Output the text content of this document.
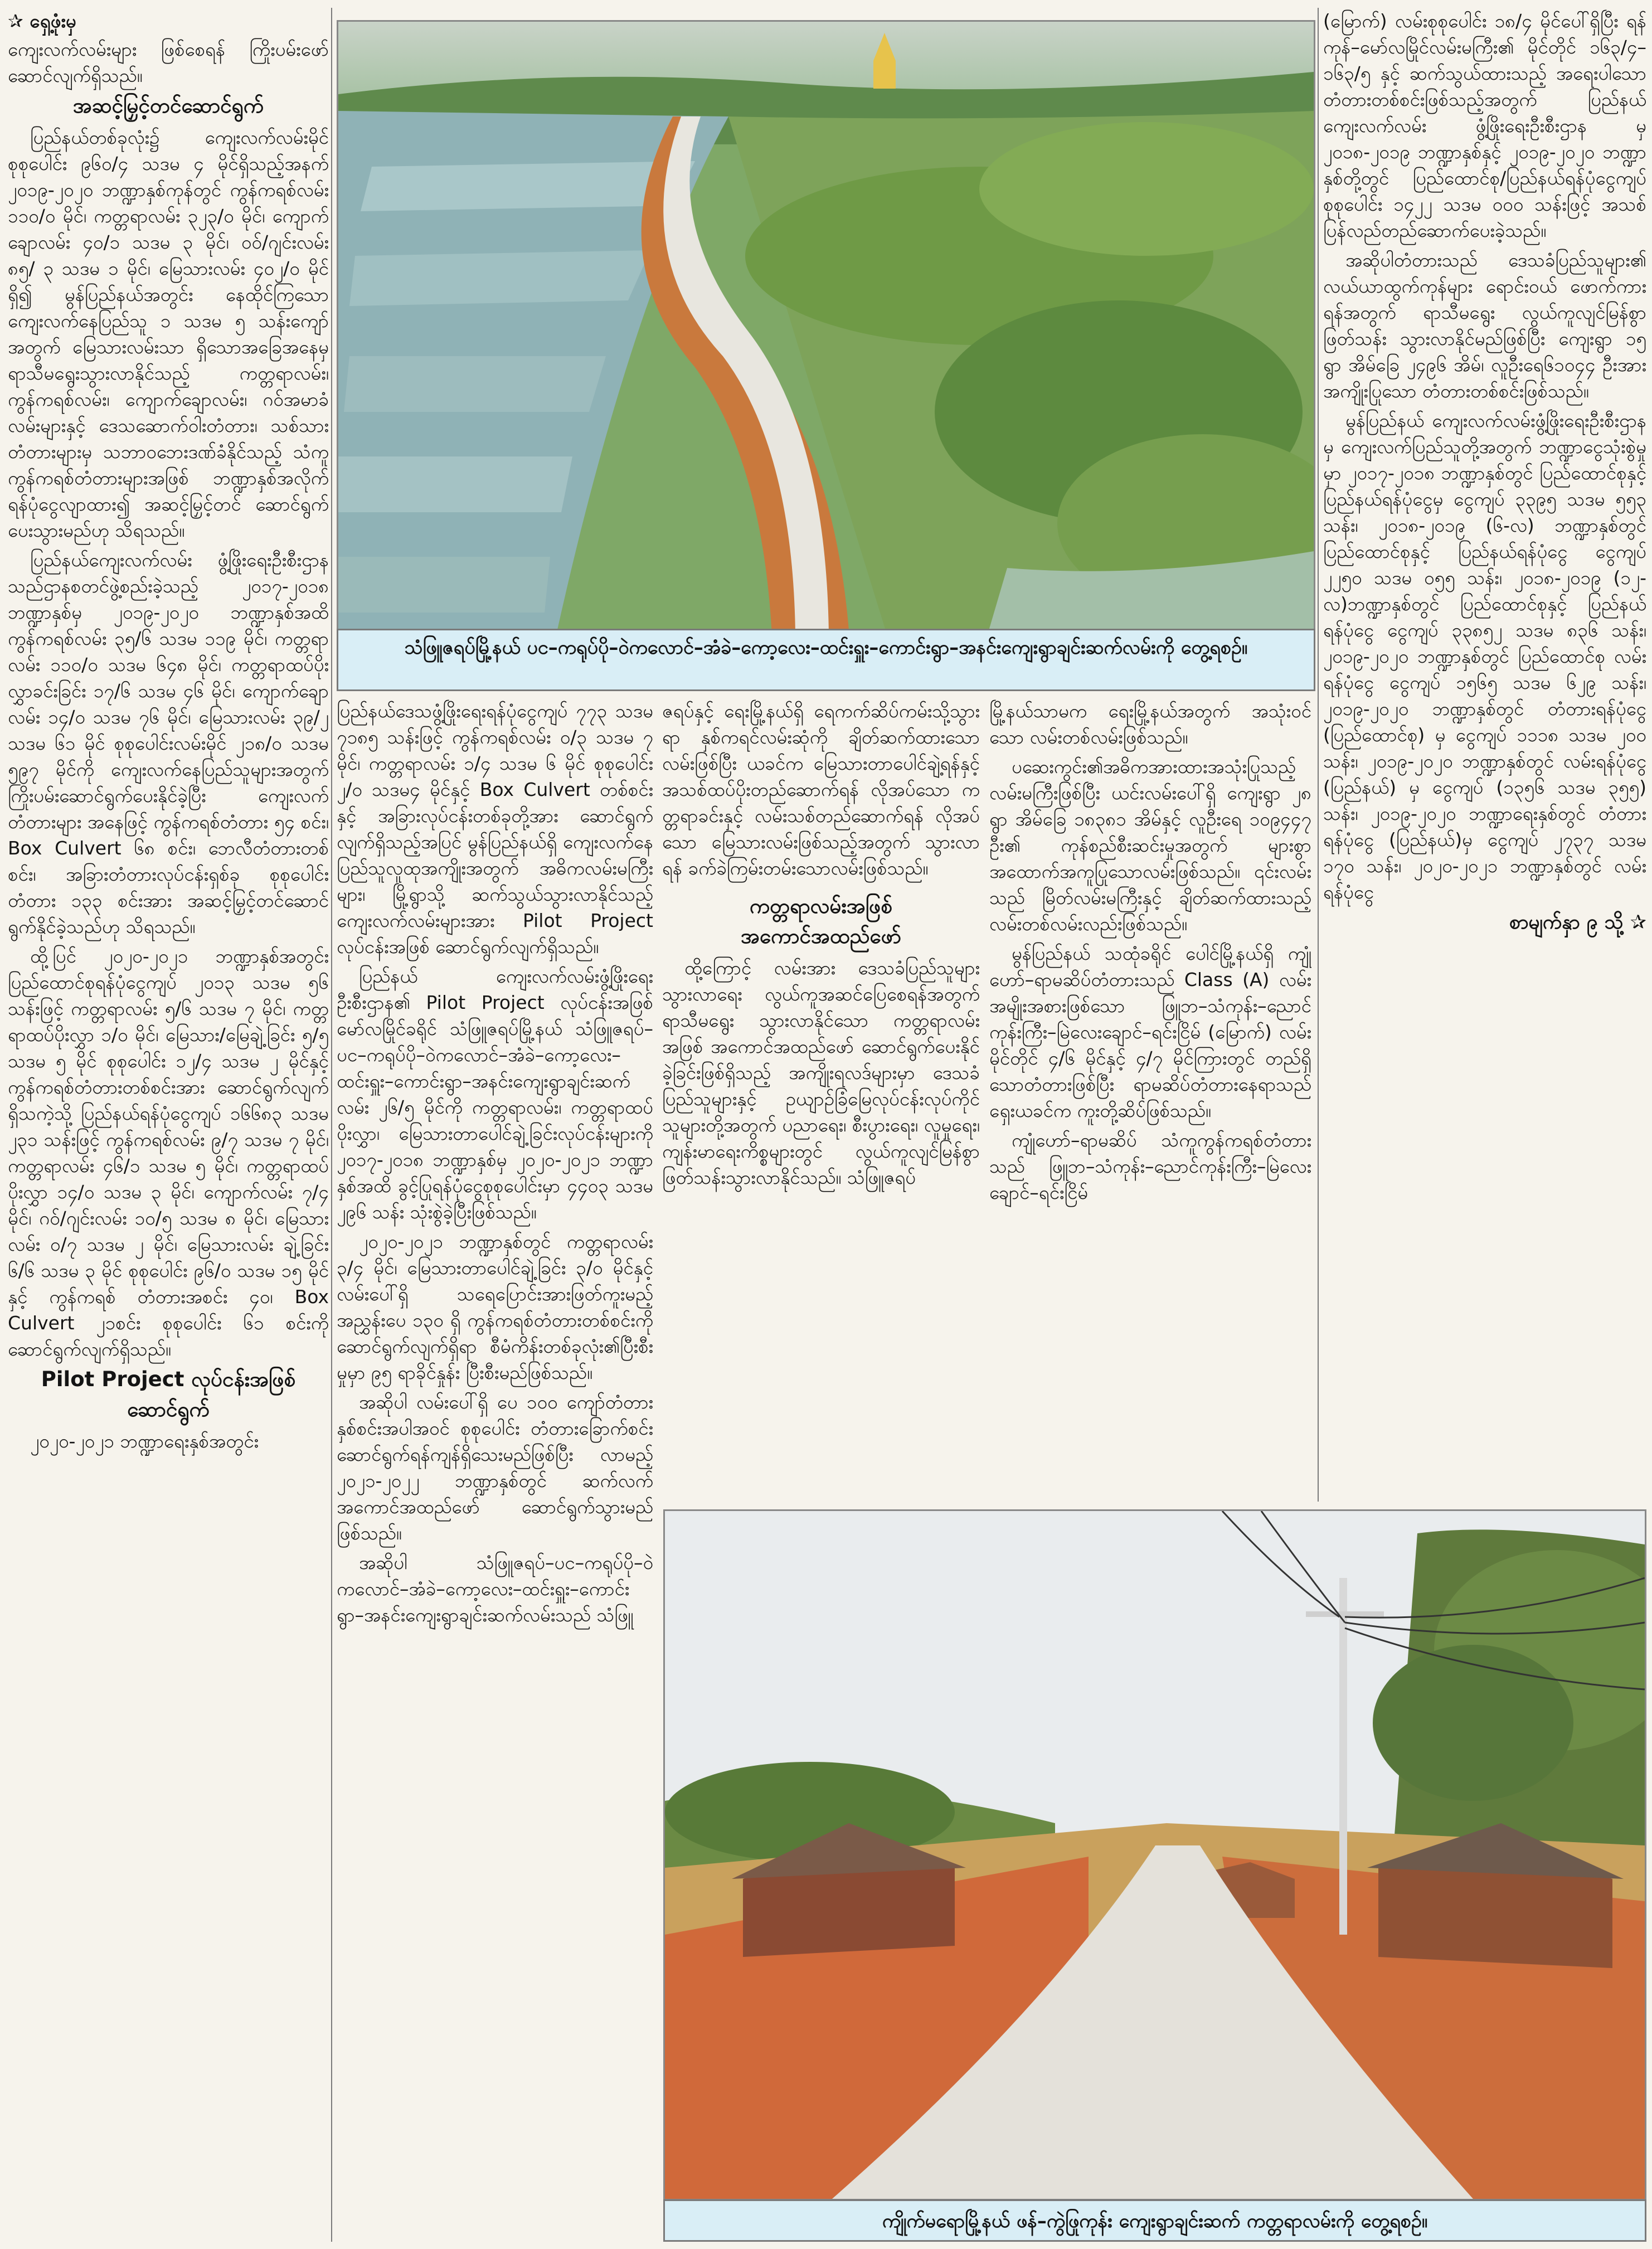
✰ ရှေ့ဖုံးမှ

ကျေးလက်လမ်းများ ဖြစ်စေရန် ကြိုးပမ်းဖော်ဆောင်လျက်ရှိသည်။

အဆင့်မြှင့်တင်ဆောင်ရွက်

ပြည်နယ်တစ်ခုလုံး၌ ကျေးလက်လမ်းမိုင်စုစုပေါင်း ၉၆၀/၄ သဒမ ၄ မိုင်ရှိသည့်အနက် ၂၀၁၉-၂၀၂၀ ဘဏ္ဍာနှစ်ကုန်တွင် ကွန်ကရစ်လမ်း ၁၁၀/၀ မိုင်၊ ကတ္တရာလမ်း ၃၂၃/၀ မိုင်၊ ကျောက်ချောလမ်း ၄၀/၁ သဒမ ၃ မိုင်၊ ဝဝ်/ဂျင်းလမ်း ၈၅/ ၃ သဒမ ၁ မိုင်၊ မြေသားလမ်း ၄၀၂/၀ မိုင်ရှိ၍ မွန်ပြည်နယ်အတွင်း နေထိုင်ကြသော ကျေးလက်နေပြည်သူ ၁ သဒမ ၅ သန်းကျော်အတွက် မြေသားလမ်းသာ ရှိသောအခြေအနေမှ ရာသီမရွေးသွားလာနိုင်သည့် ကတ္တရာလမ်း၊ ကွန်ကရစ်လမ်း၊ ကျောက်ချောလမ်း၊ ဂဝ်အမာခံလမ်းများနှင့် ဒေသဆောက်ဝါးတံတား၊ သစ်သားတံတားများမှ သဘာဝဘေးဒဏ်ခံနိုင်သည့် သံကူကွန်ကရစ်တံတားများအဖြစ် ဘဏ္ဍာနှစ်အလိုက် ရန်ပုံငွေလျာထား၍ အဆင့်မြှင့်တင် ဆောင်ရွက်ပေးသွားမည်ဟု သိရသည်။

ပြည်နယ်ကျေးလက်လမ်း ဖွံ့ဖြိုးရေးဦးစီးဌာနသည်ဌာနစတင်ဖွဲ့စည်းခဲ့သည့် ၂၀၁၇-၂၀၁၈ ဘဏ္ဍာနှစ်မှ ၂၀၁၉-၂၀၂၀ ဘဏ္ဍာနှစ်အထိ ကွန်ကရစ်လမ်း ၃၅/၆ သဒမ ၁၁၉ မိုင်၊ ကတ္တရာလမ်း ၁၁၀/၀ သဒမ ၆၄၈ မိုင်၊ ကတ္တရာထပ်ပိုးလွှာခင်းခြင်း ၁၇/၆ သဒမ ၄၆ မိုင်၊ ကျောက်ချောလမ်း ၁၄/၀ သဒမ ၇၆ မိုင်၊ မြေသားလမ်း ၃၉/၂ သဒမ ၆၁ မိုင် စုစုပေါင်းလမ်းမိုင် ၂၁၈/၀ သဒမ ၅၉၇ မိုင်ကို ကျေးလက်နေပြည်သူများအတွက် ကြိုးပမ်းဆောင်ရွက်ပေးနိုင်ခဲ့ပြီး ကျေးလက်တံတားများ အနေဖြင့် ကွန်ကရစ်တံတား ၅၄ စင်း၊ Box Culvert ၆၈ စင်း၊ ဘေလီတံတားတစ်စင်း၊ အခြားတံတားလုပ်ငန်းရှစ်ခု စုစုပေါင်း တံတား ၁၃၃ စင်းအား အဆင့်မြှင့်တင်ဆောင်ရွက်နိုင်ခဲ့သည်ဟု သိရသည်။

ထို့ပြင် ၂၀၂၀-၂၀၂၁ ဘဏ္ဍာနှစ်အတွင်း ပြည်ထောင်စုရန်ပုံငွေကျပ် ၂၀၁၃ သဒမ ၅၆ သန်းဖြင့် ကတ္တရာလမ်း ၅/၆ သဒမ ၇ မိုင်၊ ကတ္တရာထပ်ပိုးလွှာ ၁/၀ မိုင်၊ မြေသား/မြေချဲ့ခြင်း ၅/၅ သဒမ ၅ မိုင် စုစုပေါင်း ၁၂/၄ သဒမ ၂ မိုင်နှင့် ကွန်ကရစ်တံတားတစ်စင်းအား ဆောင်ရွက်လျက် ရှိသကဲ့သို့ ပြည်နယ်ရန်ပုံငွေကျပ် ၁၆၆၈၃ သဒမ ၂၃၁ သန်းဖြင့် ကွန်ကရစ်လမ်း ၉/၇ သဒမ ၇ မိုင်၊ ကတ္တရာလမ်း ၄၆/၁ သဒမ ၅ မိုင်၊ ကတ္တရာထပ်ပိုးလွှာ ၁၄/၀ သဒမ ၃ မိုင်၊ ကျောက်လမ်း ၇/၄ မိုင်၊ ဂဝ်/ဂျင်းလမ်း ၁၀/၅ သဒမ ၈ မိုင်၊ မြေသား လမ်း ၀/၇ သဒမ ၂ မိုင်၊ မြေသားလမ်း ချဲ့ခြင်း ၆/၆ သဒမ ၃ မိုင် စုစုပေါင်း ၉၆/၀ သဒမ ၁၅ မိုင်နှင့် ကွန်ကရစ် တံတားအစင်း ၄၀၊ Box Culvert ၂၁စင်း စုစုပေါင်း ၆၁ စင်းကို ဆောင်ရွက်လျက်ရှိသည်။

Pilot Project လုပ်ငန်းအဖြစ်
ဆောင်ရွက်

၂၀၂၀-၂၀၂၁ ဘဏ္ဍာရေးနှစ်အတွင်း

သံဖြူဇရပ်မြို့နယ် ပင–ကရုပ်ပို–ဝဲကလောင်–အံခဲ–ကော့လေး–ထင်းရှူး–ကောင်းရွာ–အနင်းကျေးရွာချင်းဆက်လမ်းကို တွေ့ရစဉ်။

ပြည်နယ်ဒေသဖွံ့ဖြိုးရေးရန်ပုံငွေကျပ် ၇၇၃ သဒမ ၇၁၈၅ သန်းဖြင့် ကွန်ကရစ်လမ်း ၀/၃ သဒမ ၇ မိုင်၊ ကတ္တရာလမ်း ၁/၄ သဒမ ၆ မိုင် စုစုပေါင်း ၂/၀ သဒမ၄ မိုင်နှင့် Box Culvert တစ်စင်းနှင့် အခြားလုပ်ငန်းတစ်ခုတို့အား ဆောင်ရွက်လျက်ရှိသည့်အပြင် မွန်ပြည်နယ်ရှိ ကျေးလက်နေပြည်သူလူထုအကျိုးအတွက် အဓိကလမ်းမကြီးများ၊ မြို့ရွာသို့ ဆက်သွယ်သွားလာနိုင်သည့် ကျေးလက်လမ်းများအား Pilot Project လုပ်ငန်းအဖြစ် ဆောင်ရွက်လျက်ရှိသည်။

ပြည်နယ် ကျေးလက်လမ်းဖွံ့ဖြိုးရေးဦးစီးဌာန၏ Pilot Project လုပ်ငန်းအဖြစ် မော်လမြိုင်ခရိုင် သံဖြူဇရပ်မြို့နယ် သံဖြူဇရပ်–ပင–ကရုပ်ပို–ဝဲကလောင်–အံခဲ–ကော့လေး–ထင်းရှူး–ကောင်းရွာ–အနင်းကျေးရွာချင်းဆက်လမ်း ၂၆/၅ မိုင်ကို ကတ္တရာလမ်း၊ ကတ္တရာထပ်ပိုးလွှာ၊ မြေသားတာပေါင်ချဲ့ခြင်းလုပ်ငန်းများကို ၂၀၁၇-၂၀၁၈ ဘဏ္ဍာနှစ်မှ ၂၀၂၀-၂၀၂၁ ဘဏ္ဍာနှစ်အထိ ခွင့်ပြုရန်ပုံငွေစုစုပေါင်းမှာ ၄၄၀၃ သဒမ ၂၉၆ သန်း သုံးစွဲခဲ့ပြီးဖြစ်သည်။

၂၀၂၀-၂၀၂၁ ဘဏ္ဍာနှစ်တွင် ကတ္တရာလမ်း ၃/၄ မိုင်၊ မြေသားတာပေါင်ချဲ့ခြင်း ၃/၀ မိုင်နှင့် လမ်းပေါ်ရှိ သရေပြောင်းအားဖြတ်ကူးမည့် အညွှန်းပေ ၁၃၀ ရှိ ကွန်ကရစ်တံတားတစ်စင်းကို ဆောင်ရွက်လျက်ရှိရာ စီမံကိန်းတစ်ခုလုံး၏ပြီးစီးမှုမှာ ၉၅ ရာခိုင်နှုန်း ပြီးစီးမည်ဖြစ်သည်။

အဆိုပါ လမ်းပေါ်ရှိ ပေ ၁၀၀ ကျော်တံတားနှစ်စင်းအပါအဝင် စုစုပေါင်း တံတားခြောက်စင်း ဆောင်ရွက်ရန်ကျန်ရှိသေးမည်ဖြစ်ပြီး လာမည့် ၂၀၂၁-၂၀၂၂ ဘဏ္ဍာနှစ်တွင် ဆက်လက်အကောင်အထည်ဖော် ဆောင်ရွက်သွားမည်ဖြစ်သည်။

အဆိုပါ သံဖြူဇရပ်–ပင–ကရုပ်ပို–ဝဲကလောင်–အံခဲ–ကော့လေး–ထင်းရှူး–ကောင်းရွာ–အနင်းကျေးရွာချင်းဆက်လမ်းသည် သံဖြူ

ဇရပ်နှင့် ရေးမြို့နယ်ရှိ ရေကက်ဆိပ်ကမ်းသို့သွားရာ နှစ်ကရင်လမ်းဆုံကို ချိတ်ဆက်ထားသော လမ်းဖြစ်ပြီး ယခင်က မြေသားတာပေါင်ချဲ့ရန်နှင့် အသစ်ထပ်ပိုးတည်ဆောက်ရန် လိုအပ်သော ကတ္တရာခင်းနှင့် လမ်းသစ်တည်ဆောက်ရန် လိုအပ်သော မြေသားလမ်းဖြစ်သည့်အတွက် သွားလာရန် ခက်ခဲကြမ်းတမ်းသောလမ်းဖြစ်သည်။

ကတ္တရာလမ်းအဖြစ်
အကောင်အထည်ဖော်

ထို့ကြောင့် လမ်းအား ဒေသခံပြည်သူများသွားလာရေး လွယ်ကူအဆင်ပြေစေရန်အတွက် ရာသီမရွေး သွားလာနိုင်သော ကတ္တရာလမ်းအဖြစ် အကောင်အထည်ဖော် ဆောင်ရွက်ပေးနိုင်ခဲ့ခြင်းဖြစ်ရှိသည့် အကျိုးရလဒ်များမှာ ဒေသခံပြည်သူများနှင့် ဥယျာဉ်ခြံမြေလုပ်ငန်းလုပ်ကိုင်သူများတို့အတွက် ပညာရေး၊ စီးပွားရေး၊ လူမှုရေး၊ ကျန်းမာရေးကိစ္စများတွင် လွယ်ကူလျင်မြန်စွာ ဖြတ်သန်းသွားလာနိုင်သည်။ သံဖြူဇရပ်

မြို့နယ်သာမက ရေးမြို့နယ်အတွက် အသုံးဝင်သော လမ်းတစ်လမ်းဖြစ်သည်။

ပဆေးကွင်း၏အဓိကအားထားအသုံးပြုသည့် လမ်းမကြီးဖြစ်ပြီး ယင်းလမ်းပေါ်ရှိ ကျေးရွာ ၂၈ ရွာ အိမ်ခြေ ၁၈၃၈၁ အိမ်နှင့် လူဦးရေ ၁၀၉၄၄၇ ဦး၏ ကုန်စည်စီးဆင်းမှုအတွက် များစွာအထောက်အကူပြုသောလမ်းဖြစ်သည်။ ၎င်းလမ်းသည် မြိတ်လမ်းမကြီးနှင့် ချိတ်ဆက်ထားသည့် လမ်းတစ်လမ်းလည်းဖြစ်သည်။

မွန်ပြည်နယ် သထုံခရိုင် ပေါင်မြို့နယ်ရှိ ကျုံဟော်–ရာမဆိပ်တံတားသည် Class (A) လမ်းအမျိုးအစားဖြစ်သော ဖြူဘ–သံကုန်း–ညောင်ကုန်းကြီး–မြဲလေးချောင်–ရင်းငြိမ် (မြောက်) လမ်း မိုင်တိုင် ၄/၆ မိုင်နှင့် ၄/၇ မိုင်ကြားတွင် တည်ရှိသောတံတားဖြစ်ပြီး ရာမဆိပ်တံတားနေရာသည် ရှေးယခင်က ကူးတို့ဆိပ်ဖြစ်သည်။

ကျုံဟော်–ရာမဆိပ် သံကူကွန်ကရစ်တံတားသည် ဖြူဘ–သံကုန်း–ညောင်ကုန်းကြီး–မြဲလေးချောင်–ရင်းငြိမ်

(မြောက်) လမ်းစုစုပေါင်း ၁၈/၄ မိုင်ပေါ်ရှိပြီး ရန်ကုန်–မော်လမြိုင်လမ်းမကြီး၏ မိုင်တိုင် ၁၆၃/၄–၁၆၃/၅ နှင့် ဆက်သွယ်ထားသည့် အရေးပါသော တံတားတစ်စင်းဖြစ်သည့်အတွက် ပြည်နယ် ကျေးလက်လမ်း ဖွံ့ဖြိုးရေးဦးစီးဌာန မှ ၂၀၁၈-၂၀၁၉ ဘဏ္ဍာနှစ်နှင့် ၂၀၁၉-၂၀၂၀ ဘဏ္ဍာနှစ်တို့တွင် ပြည်ထောင်စု/ပြည်နယ်ရန်ပုံငွေကျပ် စုစုပေါင်း ၁၄၂၂ သဒမ ၀၀၀ သန်းဖြင့် အသစ်ပြန်လည်တည်ဆောက်ပေးခဲ့သည်။

အဆိုပါတံတားသည် ဒေသခံပြည်သူများ၏ လယ်ယာထွက်ကုန်များ ရောင်းဝယ် ဖောက်ကားရန်အတွက် ရာသီမရွေး လွယ်ကူလျင်မြန်စွာ ဖြတ်သန်း သွားလာနိုင်မည်ဖြစ်ပြီး ကျေးရွာ ၁၅ ရွာ အိမ်ခြေ ၂၄၉၆ အိမ်၊ လူဦးရေ၆၁၀၄၄ ဦးအား အကျိုးပြုသော တံတားတစ်စင်းဖြစ်သည်။

မွန်ပြည်နယ် ကျေးလက်လမ်းဖွံ့ဖြိုးရေးဦးစီးဌာနမှ ကျေးလက်ပြည်သူတို့အတွက် ဘဏ္ဍာငွေသုံးစွဲမှုမှာ ၂၀၁၇-၂၀၁၈ ဘဏ္ဍာနှစ်တွင် ပြည်ထောင်စုနှင့်ပြည်နယ်ရန်ပုံငွေမှ ငွေကျပ် ၃၃၉၅ သဒမ ၅၅၃ သန်း၊ ၂၀၁၈-၂၀၁၉ (၆-လ) ဘဏ္ဍာနှစ်တွင် ပြည်ထောင်စုနှင့် ပြည်နယ်ရန်ပုံငွေ ငွေကျပ် ၂၂၅၀ သဒမ ၀၅၅ သန်း၊ ၂၀၁၈-၂၀၁၉ (၁၂-လ)ဘဏ္ဍာနှစ်တွင် ပြည်ထောင်စုနှင့် ပြည်နယ်ရန်ပုံငွေ ငွေကျပ် ၃၃၈၅၂ သဒမ ၈၃၆ သန်း၊ ၂၀၁၉-၂၀၂၀ ဘဏ္ဍာနှစ်တွင် ပြည်ထောင်စု လမ်းရန်ပုံငွေ ငွေကျပ် ၁၅၆၅ သဒမ ၆၂၉ သန်း၊ ၂၀၁၉-၂၀၂၀ ဘဏ္ဍာနှစ်တွင် တံတားရန်ပုံငွေ (ပြည်ထောင်စု) မှ ငွေကျပ် ၁၁၁၈ သဒမ ၂၀၀ သန်း၊ ၂၀၁၉-၂၀၂၀ ဘဏ္ဍာနှစ်တွင် လမ်းရန်ပုံငွေ (ပြည်နယ်) မှ ငွေကျပ် (၁၃၅၆ သဒမ ၃၅၅) သန်း၊ ၂၀၁၉-၂၀၂၀ ဘဏ္ဍာရေးနှစ်တွင် တံတားရန်ပုံငွေ (ပြည်နယ်)မှ ငွေကျပ် ၂၇၃၇ သဒမ ၁၇၀ သန်း၊ ၂၀၂၀-၂၀၂၁ ဘဏ္ဍာနှစ်တွင် လမ်းရန်ပုံငွေ

စာမျက်နှာ ၉ သို့ ✰
ကျိုက်မရောမြို့နယ် ဖန်–ကွဲဖြုကုန်း ကျေးရွာချင်းဆက် ကတ္တရာလမ်းကို တွေ့ရစဉ်။
